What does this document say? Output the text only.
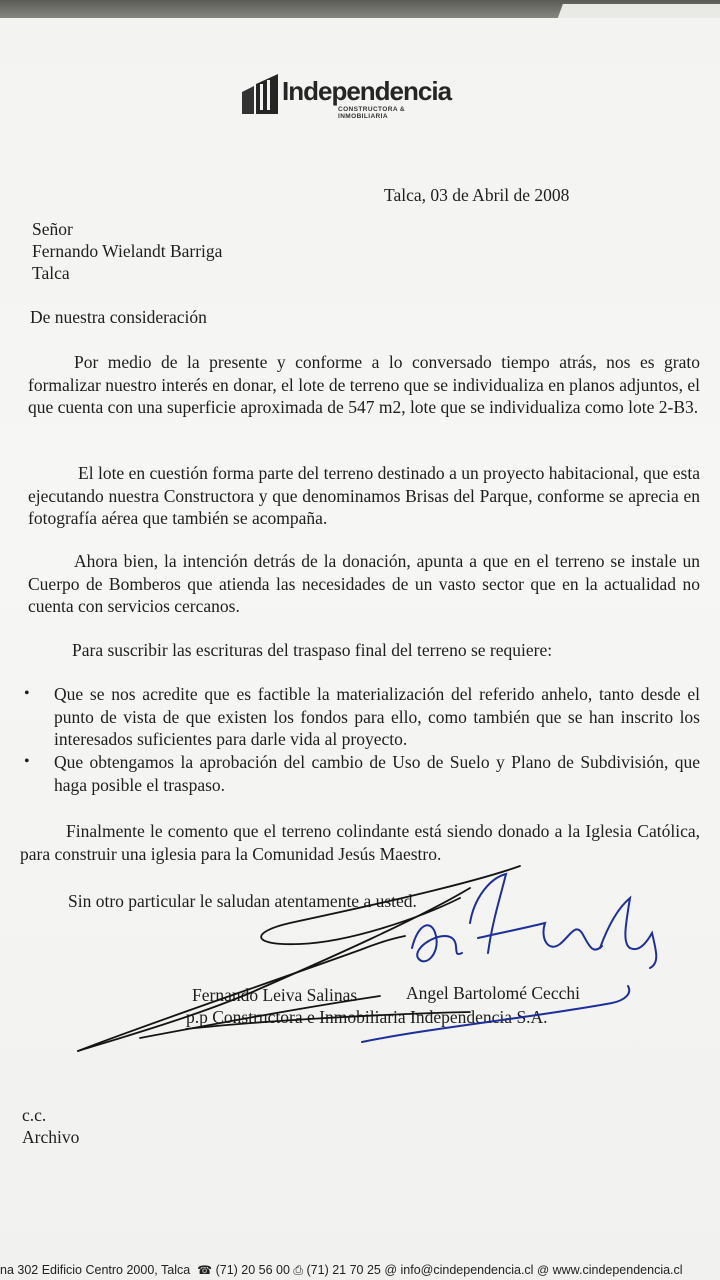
Independencia
CONSTRUCTORA & INMOBILIARIA
Talca, 03 de Abril de 2008
Señor
Fernando Wielandt Barriga
Talca
De nuestra consideración
Por medio de la presente y conforme a lo conversado tiempo atrás, nos es grato formalizar nuestro interés en donar, el lote de terreno que se individualiza en planos adjuntos, el que cuenta con una superficie aproximada de 547 m2, lote que se individualiza como lote 2-B3.
El lote en cuestión forma parte del terreno destinado a un proyecto habitacional, que esta ejecutando nuestra Constructora y que denominamos Brisas del Parque, conforme se aprecia en fotografía aérea que también se acompaña.
Ahora bien, la intención detrás de la donación, apunta a que en el terreno se instale un Cuerpo de Bomberos que atienda las necesidades de un vasto sector que en la actualidad no cuenta con servicios cercanos.
Para suscribir las escrituras del traspaso final del terreno se requiere:
• Que se nos acredite que es factible la materialización del referido anhelo, tanto desde el punto de vista de que existen los fondos para ello, como también que se han inscrito los interesados suficientes para darle vida al proyecto.
• Que obtengamos la aprobación del cambio de Uso de Suelo y Plano de Subdivisión, que haga posible el traspaso.
Finalmente le comento que el terreno colindante está siendo donado a la Iglesia Católica, para construir una iglesia para la Comunidad Jesús Maestro.
Sin otro particular le saludan atentamente a usted.
Fernando Leiva Salinas	Angel Bartolomé Cecchi
p.p Constructora e Inmobiliaria Independencia S.A.
c.c.
Archivo
na 302 Edificio Centro 2000, Talca ☎ (71) 20 56 00 ⎙ (71) 21 70 25 @ info@cindependencia.cl @ www.cindependencia.cl
